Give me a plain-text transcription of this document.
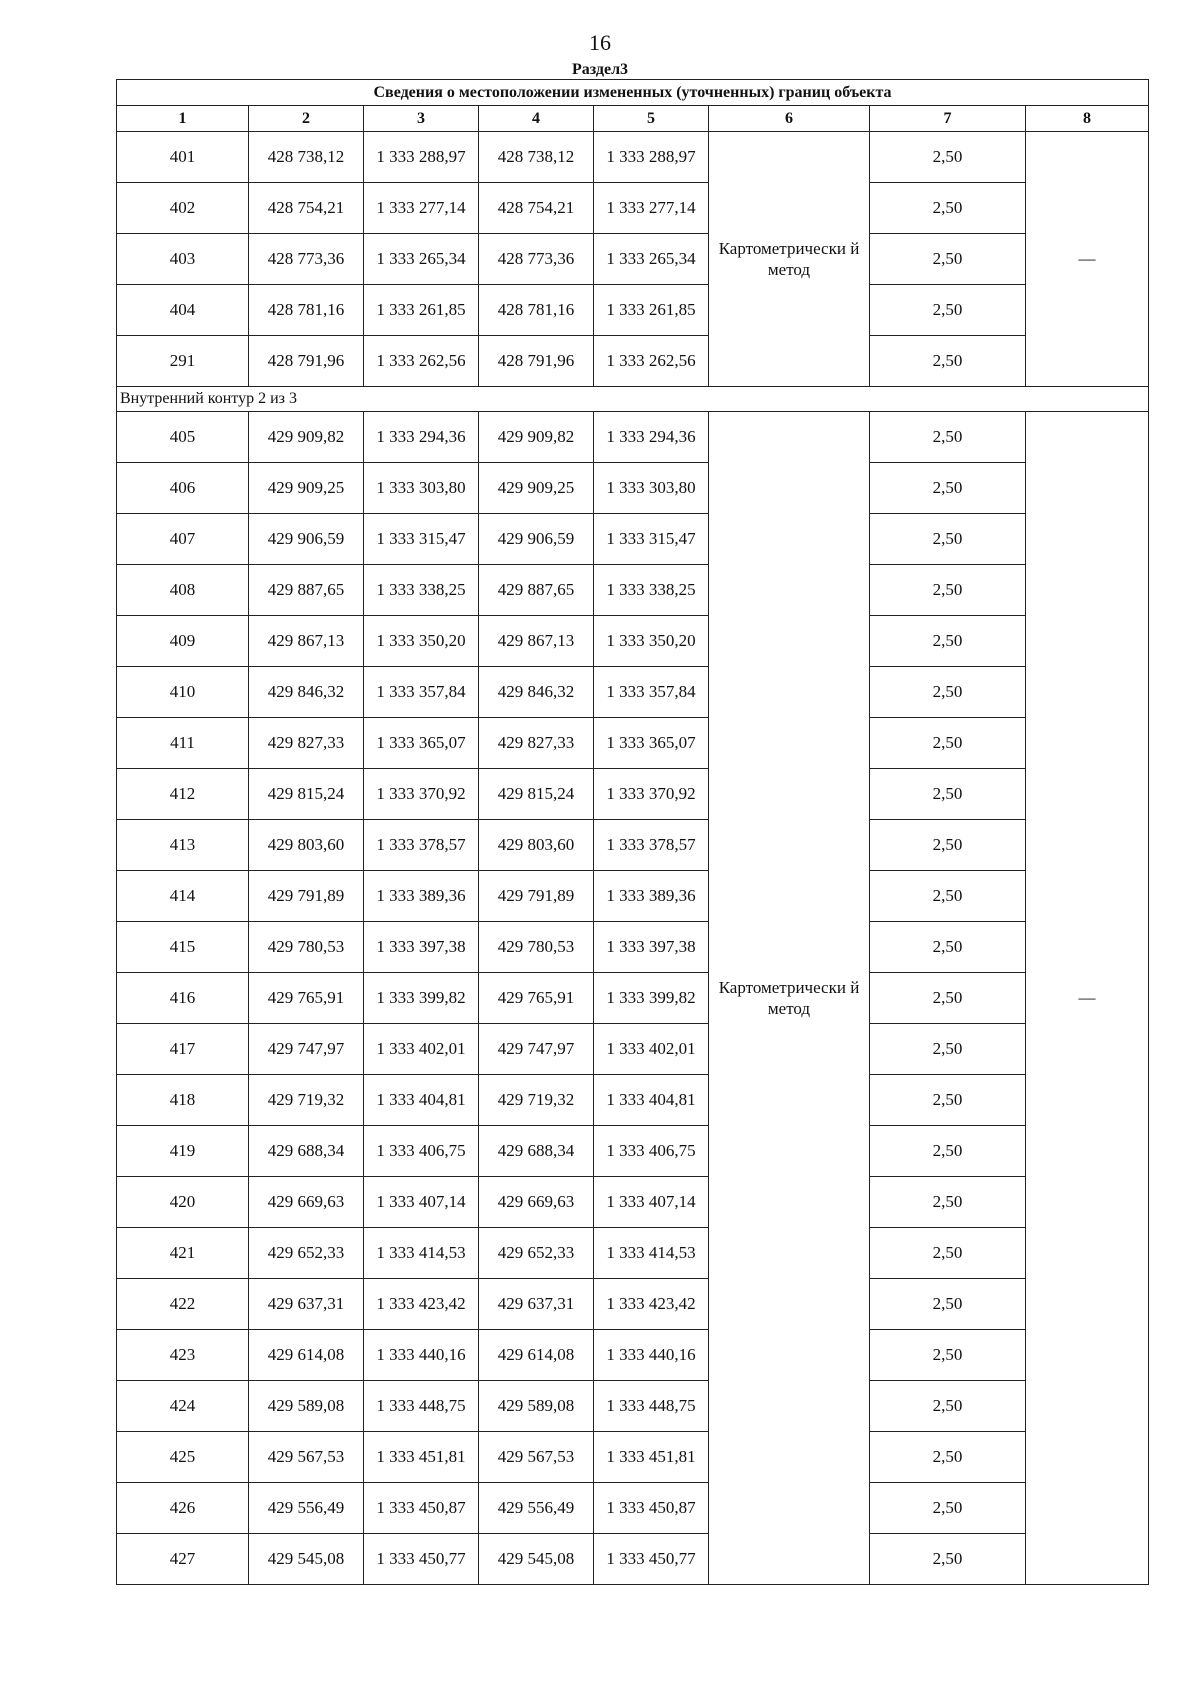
16
Раздел3
Сведения о местоположении измененных (уточненных) границ объекта							
1	2	3	4	5	6	7	8
401	428 738,12	1 333 288,97	428 738,12	1 333 288,97	Картометрически й метод	2,50	—

402	428 754,21	1 333 277,14	428 754,21	1 333 277,14		2,50	
403	428 773,36	1 333 265,34	428 773,36	1 333 265,34		2,50	
404	428 781,16	1 333 261,85	428 781,16	1 333 261,85		2,50	
291	428 791,96	1 333 262,56	428 791,96	1 333 262,56		2,50	
Внутренний контур 2 из 3							
405	429 909,82	1 333 294,36	429 909,82	1 333 294,36	Картометрически й метод	2,50	—

406	429 909,25	1 333 303,80	429 909,25	1 333 303,80		2,50	
407	429 906,59	1 333 315,47	429 906,59	1 333 315,47		2,50	
408	429 887,65	1 333 338,25	429 887,65	1 333 338,25		2,50	
409	429 867,13	1 333 350,20	429 867,13	1 333 350,20		2,50	
410	429 846,32	1 333 357,84	429 846,32	1 333 357,84		2,50	
411	429 827,33	1 333 365,07	429 827,33	1 333 365,07		2,50	
412	429 815,24	1 333 370,92	429 815,24	1 333 370,92		2,50	
413	429 803,60	1 333 378,57	429 803,60	1 333 378,57		2,50	
414	429 791,89	1 333 389,36	429 791,89	1 333 389,36		2,50	
415	429 780,53	1 333 397,38	429 780,53	1 333 397,38		2,50	
416	429 765,91	1 333 399,82	429 765,91	1 333 399,82		2,50	
417	429 747,97	1 333 402,01	429 747,97	1 333 402,01		2,50	
418	429 719,32	1 333 404,81	429 719,32	1 333 404,81		2,50	
419	429 688,34	1 333 406,75	429 688,34	1 333 406,75		2,50	
420	429 669,63	1 333 407,14	429 669,63	1 333 407,14		2,50	
421	429 652,33	1 333 414,53	429 652,33	1 333 414,53		2,50	
422	429 637,31	1 333 423,42	429 637,31	1 333 423,42		2,50	
423	429 614,08	1 333 440,16	429 614,08	1 333 440,16		2,50	
424	429 589,08	1 333 448,75	429 589,08	1 333 448,75		2,50	
425	429 567,53	1 333 451,81	429 567,53	1 333 451,81		2,50	
426	429 556,49	1 333 450,87	429 556,49	1 333 450,87		2,50	
427	429 545,08	1 333 450,77	429 545,08	1 333 450,77		2,50	
